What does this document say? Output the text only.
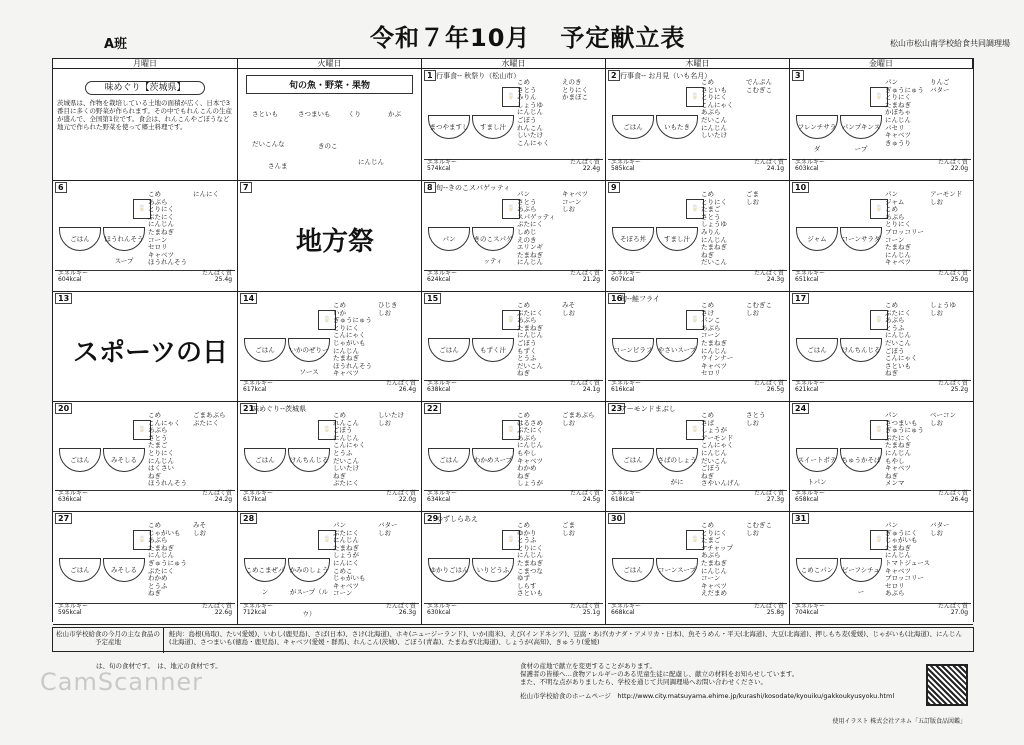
A班	令和７年10月 予定献立表	松山市松山南学校給食共同調理場
月曜日	火曜日	水曜日	木曜日	金曜日
味めぐり【茨城県】
茨城県は、作物を栽培している土地の面積が広く、日本で3番目に多くの野菜が作られます。その中でもれんこんの生産が盛んで、全国第1位です。食会は、れんこんやごぼうなど地元で作られた野菜を使って郷土料理です。
旬の魚・野菜・果物
さといも	さつまいも	くり	かぶ
だいこんな	きのこ
にんじん
さんま
1 行事食-- 秋祭り（松山市）
🥛
まつやますし	すまし汁
こめ
さとう
みりん
しょうゆ
にんじん
ごぼう
れんこん
しいたけ
こんにゃく
えのき
とりにく
かまぼこ
エネルギー	たんぱく質
574kcal	22.4g
2 行事食-- お月見（いも名月）
🥛
ごはん	いもたき
こめ
さといも
とりにく
こんにゃく
あぶら
だいこん
にんじん
しいたけ
でんぷん
こむぎこ
エネルギー	たんぱく質
585kcal	24.1g
3
🥛
フレンチサラダ
パンプキンスープ
パン
ぎゅうにゅう
とりにく
たまねぎ
かぼちゃ
にんじん
パセリ
キャベツ
きゅうり
りんご
バター
エネルギー	たんぱく質
603kcal	22.0g
6
🥛
ごはん	ほうれんそうスープ
こめ
あぶら
とりにく
ぶたにく
にんじん
たまねぎ
コーン
セロリ
キャベツ
ほうれんそう
にんにく
エネルギー	たんぱく質
604kcal	25.4g
7
地方祭
8 旬--きのこスパゲッティ
🥛
パン	きのこスパゲッティ
パン
さとう
あぶら
スパゲッティ
ぶたにく
しめじ
えのき
エリンギ
たまねぎ
にんじん
キャベツ
コーン
しお
エネルギー	たんぱく質
624kcal	21.2g
9
🥛
そぼろ丼	すまし汁
こめ
とりにく
たまご
さとう
しょうゆ
みりん
にんじん
たまねぎ
ねぎ
だいこん
ごま
しお
エネルギー	たんぱく質
607kcal	24.3g
10
🥛
ジャム	コーンサラダ
パン
ジャム
こめ
あぶら
とりにく
ブロッコリー
コーン
たまねぎ
にんじん
キャベツ
アーモンド
しお
エネルギー	たんぱく質
651kcal	25.0g
13
スポーツの日
14
🥛
ごはん	いかのぜりーソース
こめ
いか
ぎゅうにゅう
とりにく
こんにゃく
じゃがいも
にんじん
たまねぎ
ほうれんそう
キャベツ
ひじき
しお
エネルギー	たんぱく質
617kcal	26.4g
15
🥛
ごはん	もずく汁
こめ
ぶたにく
あぶら
たまねぎ
にんじん
ごぼう
もずく
とうふ
だいこん
ねぎ
みそ
しお
エネルギー	たんぱく質
638kcal	24.1g
16
旬--鮭フライ
🥛
コーンピラフ やさいスープ
こめ
さけ
パンこ
あぶら
コーン
たまねぎ
にんじん
ウインナー
キャベツ
セロリ
こむぎこ
しお
エネルギー	たんぱく質
616kcal	26.5g
17
🥛
ごはん	けんちんじる
こめ
ぶたにく
あぶら
とうふ
にんじん
だいこん
ごぼう
こんにゃく
さといも
ねぎ
しょうゆ
しお
エネルギー	たんぱく質
621kcal	25.2g
20
🥛
ごはん	みそしる
こめ
こんにゃく
あぶら
さとう
たまご
とりにく
にんじん
はくさい
ねぎ
ほうれんそう
ごまあぶら
ぶたにく
エネルギー	たんぱく質
636kcal	24.2g
21
味めぐり--茨城県
🥛
ごはん	けんちんじる
こめ
れんこん
ごぼう
にんじん
こんにゃく
とうふ
だいこん
しいたけ
ねぎ
ぶたにく
しいたけ
しお
エネルギー	たんぱく質
617kcal	22.0g
22
🥛
ごはん	わかめスープ
こめ
はるさめ
ぶたにく
あぶら
にんじん
もやし
キャベツ
わかめ
ねぎ
しょうが
ごまあぶら
しお
エネルギー	たんぱく質
634kcal	24.5g
23
アーモンドまぶし
🥛
ごはん	さばのしょうがに
こめ
さば
しょうが
アーモンド
こんにゃく
にんじん
だいこん
ごぼう
ねぎ
さやいんげん
さとう
しお
エネルギー	たんぱく質
618kcal	27.3g
24
🥛
スイートポテトパン
ちゅうかそば
パン
さつまいも
ぎゅうにゅう
ぶたにく
たまねぎ
にんじん
もやし
キャベツ
ねぎ
メンマ
ベーコン
しお
エネルギー	たんぱく質
658kcal	26.4g
27
🥛
ごはん	みそしる
こめ
じゃがいも
あぶら
たまねぎ
にんじん
ぎゅうにゅう
ぶたにく
わかめ
とうふ
ねぎ
みそ
しお
エネルギー	たんぱく質
595kcal	22.6g
28
🥛
こめこまぜパン
かみのしょうがスープ（ルウ）
パン
ぶたにく
にんじん
たまねぎ
しょうが
にんにく
こめこ
じゃがいも
キャベツ
コーン
バター
しお
エネルギー	たんぱく質
712kcal	26.3g
29
ゆずしらあえ
🥛
ゆかりごはん	いりどうふ
こめ
ゆかり
とうふ
とりにく
にんじん
たまねぎ
こまつな
ゆず
しらす
さといも
ごま
しお
エネルギー	たんぱく質
630kcal	25.1g
30
🥛
ごはん	コーンスープ
こめ
とりにく
たまご
ケチャップ
あぶら
たまねぎ
にんじん
コーン
キャベツ
えだまめ
こむぎこ
しお
エネルギー	たんぱく質
668kcal	25.8g
31
🥛
こめこパン	ビーフシチュー
パン
ぎゅうにく
じゃがいも
たまねぎ
にんじん
トマトジュース
キャベツ
ブロッコリー
セロリ
あぶら
バター
しお
エネルギー	たんぱく質
704kcal	27.0g
松山市学校給食の今月の主な食品の予定産地
鮭肉：島根(鳥取)、たい(愛媛)、いわし(鹿児島)、さば(日本)、さけ(北海道)、ホキ(ニュージーランド)、いか(南米)、えび(インドネシア)、豆腐・あげ(カナダ・アメリカ・日本)、魚そうめん・平天(北海道)、大豆(北海道)、押しもち麦(愛媛)、じゃがいも(北海道)、にんじん(北海道)、さつまいも(徳島・鹿児島)、キャベツ(愛媛・群馬)、れんこん(茨城)、ごぼう(青森)、たまねぎ(北海道)、しょうが(高知)、きゅうり(愛媛)
は、旬の食材です。　は、地元の食材です。	食材の産地で献立を変更することがあります。
保護者の皆様へ…食物アレルギーのある児童生徒に配慮し、献立の材料をお知らせしています。
また、不明な点がありましたら、学校を通じて共同調理場へお問い合わせください。
松山市学校給食のホームページ　http://www.city.matsuyama.ehime.jp/kurashi/kosodate/kyouiku/gakkoukyusyoku.html
CamScanner
使用イラスト 株式会社アネム「五訂版食品図鑑」
